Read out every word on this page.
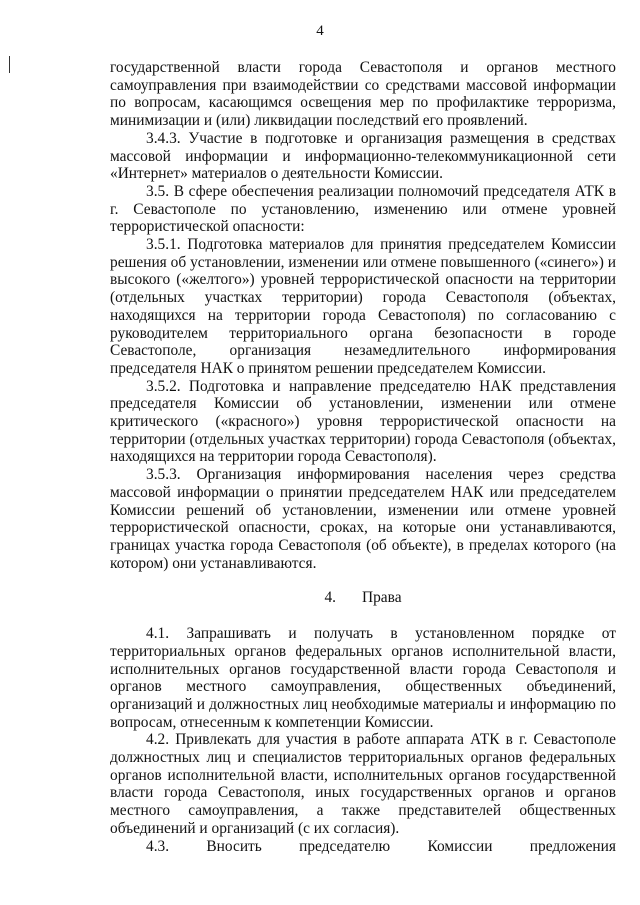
4

государственной власти города Севастополя и органов местного самоуправления при взаимодействии со средствами массовой информации по вопросам, касающимся освещения мер по профилактике терроризма, минимизации и (или) ликвидации последствий его проявлений.

3.4.3. Участие в подготовке и организация размещения в средствах массовой информации и информационно-телекоммуникационной сети «Интернет» материалов о деятельности Комиссии.

3.5. В сфере обеспечения реализации полномочий председателя АТК в г. Севастополе по установлению, изменению или отмене уровней террористической опасности:

3.5.1. Подготовка материалов для принятия председателем Комиссии решения об установлении, изменении или отмене повышенного («синего») и высокого («желтого») уровней террористической опасности на территории (отдельных участках территории) города Севастополя (объектах, находящихся на территории города Севастополя) по согласованию с руководителем территориального органа безопасности в городе Севастополе, организация незамедлительного информирования председателя НАК о принятом решении председателем Комиссии.

3.5.2. Подготовка и направление председателю НАК представления председателя Комиссии об установлении, изменении или отмене критического («красного») уровня террористической опасности на территории (отдельных участках территории) города Севастополя (объектах, находящихся на территории города Севастополя).

3.5.3. Организация информирования населения через средства массовой информации о принятии председателем НАК или председателем Комиссии решений об установлении, изменении или отмене уровней террористической опасности, сроках, на которые они устанавливаются, границах участка города Севастополя (об объекте), в пределах которого (на котором) они устанавливаются.

4. Права

4.1. Запрашивать и получать в установленном порядке от территориальных органов федеральных органов исполнительной власти, исполнительных органов государственной власти города Севастополя и органов местного самоуправления, общественных объединений, организаций и должностных лиц необходимые материалы и информацию по вопросам, отнесенным к компетенции Комиссии.

4.2. Привлекать для участия в работе аппарата АТК в г. Севастополе должностных лиц и специалистов территориальных органов федеральных органов исполнительной власти, исполнительных органов государственной власти города Севастополя, иных государственных органов и органов местного самоуправления, а также представителей общественных объединений и организаций (с их согласия).

4.3. Вносить председателю Комиссии предложения
